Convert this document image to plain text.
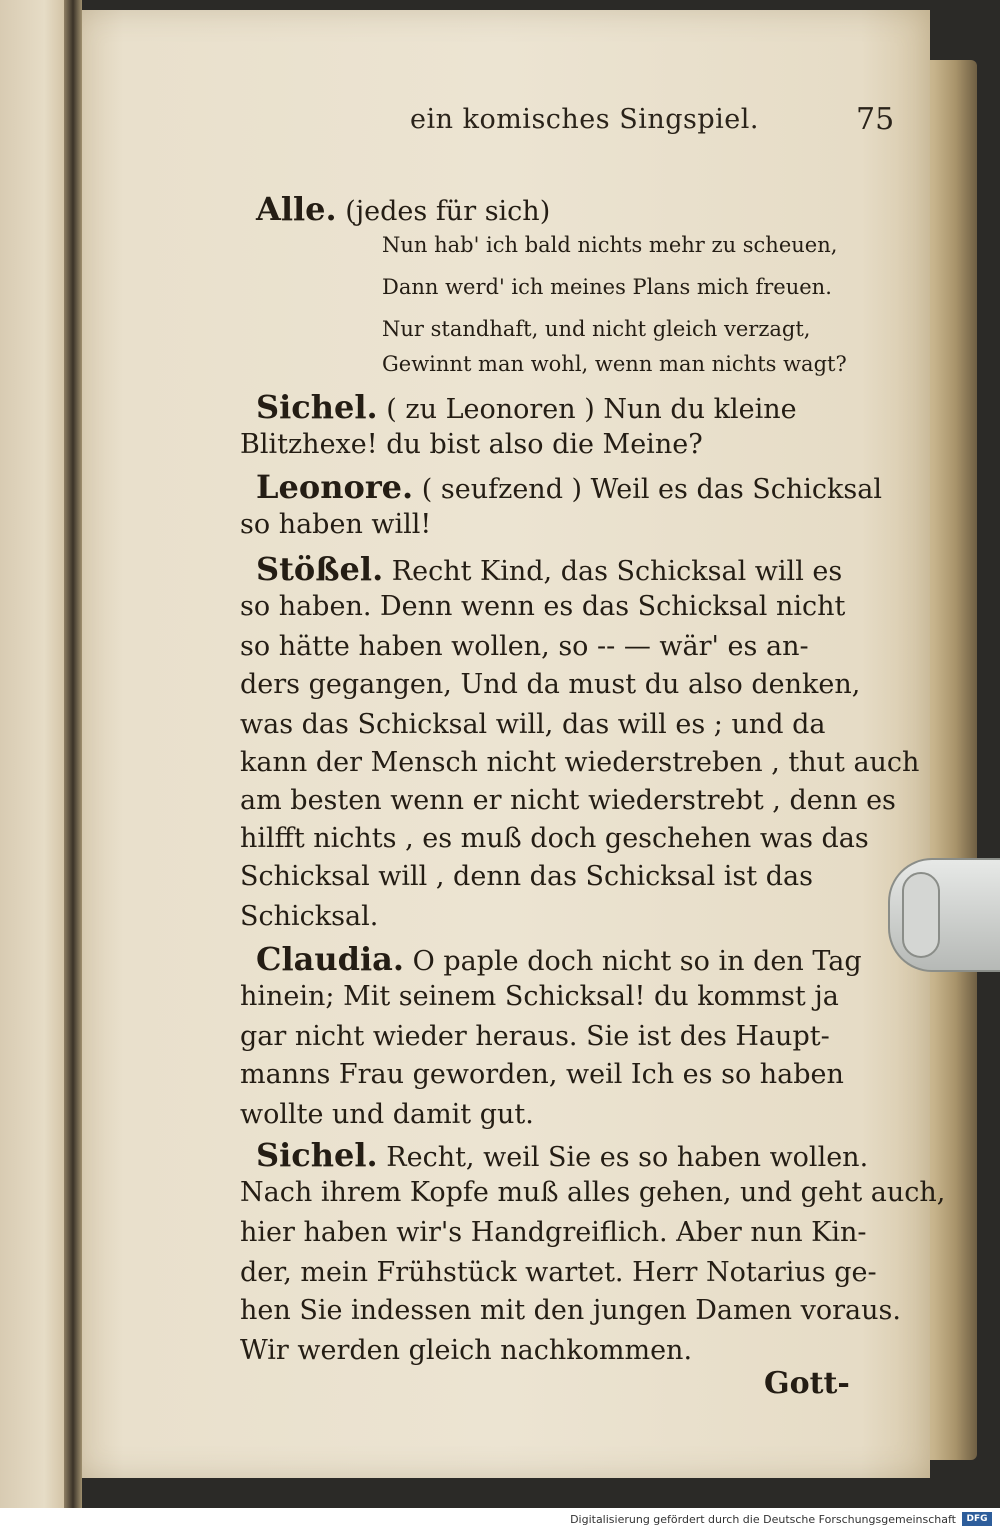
ein komisches Singspiel.	75
Alle. (jedes für sich)
Nun hab' ich bald nichts mehr zu scheuen,
Dann werd' ich meines Plans mich freuen.
Nur standhaft, und nicht gleich verzagt,
Gewinnt man wohl, wenn man nichts wagt?
Sichel. ( zu Leonoren ) Nun du kleine
Blitzhexe! du bist also die Meine?
Leonore. ( seufzend ) Weil es das Schicksal
so haben will!
Stößel. Recht Kind, das Schicksal will es
so haben. Denn wenn es das Schicksal nicht
so hätte haben wollen, so -- — wär' es an-
ders gegangen, Und da must du also denken,
was das Schicksal will, das will es ; und da
kann der Mensch nicht wiederstreben , thut auch
am besten wenn er nicht wiederstrebt , denn es
hilfft nichts , es muß doch geschehen was das
Schicksal will , denn das Schicksal ist das
Schicksal.
Claudia. O paple doch nicht so in den Tag
hinein; Mit seinem Schicksal! du kommst ja
gar nicht wieder heraus. Sie ist des Haupt-
manns Frau geworden, weil Ich es so haben
wollte und damit gut.
Sichel. Recht, weil Sie es so haben wollen.
Nach ihrem Kopfe muß alles gehen, und geht auch,
hier haben wir's Handgreiflich. Aber nun Kin-
der, mein Frühstück wartet. Herr Notarius ge-
hen Sie indessen mit den jungen Damen voraus.
Wir werden gleich nachkommen.
Gott-
Digitalisierung gefördert durch die Deutsche Forschungsgemeinschaft	DFG
